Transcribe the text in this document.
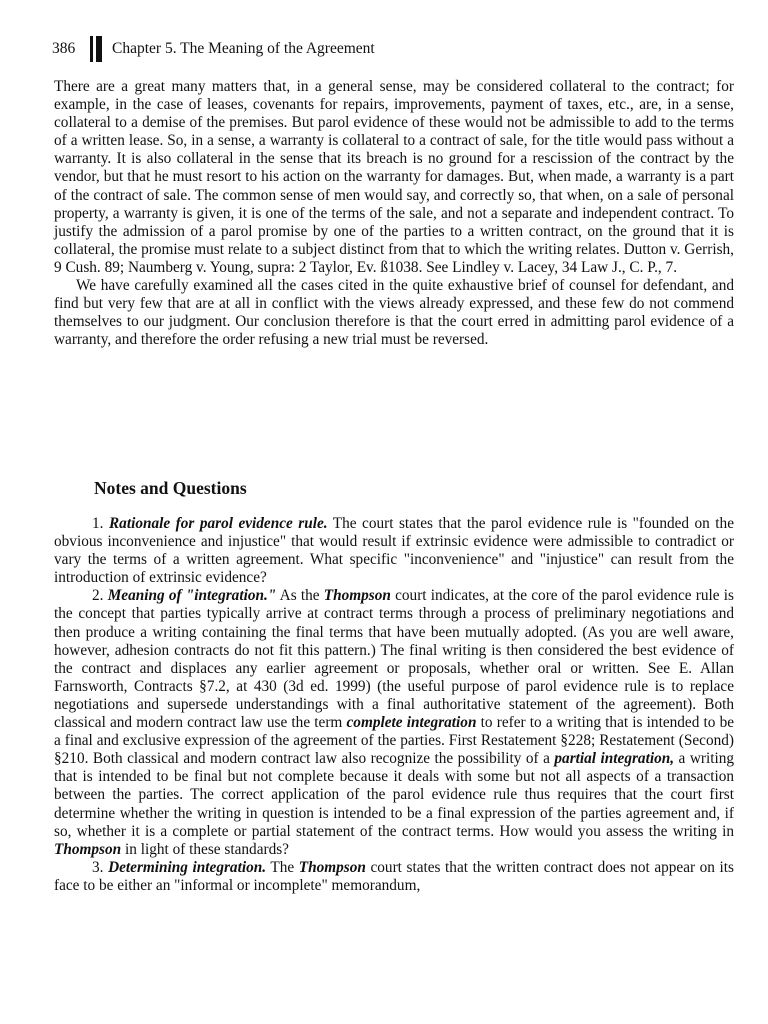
386	Chapter 5. The Meaning of the Agreement

There are a great many matters that, in a general sense, may be considered collateral to the contract; for example, in the case of leases, covenants for repairs, improvements, payment of taxes, etc., are, in a sense, collateral to a demise of the premises. But parol evidence of these would not be admissible to add to the terms of a written lease. So, in a sense, a warranty is collateral to a contract of sale, for the title would pass without a warranty. It is also collateral in the sense that its breach is no ground for a rescission of the contract by the vendor, but that he must resort to his action on the warranty for damages. But, when made, a warranty is a part of the contract of sale. The common sense of men would say, and correctly so, that when, on a sale of personal property, a warranty is given, it is one of the terms of the sale, and not a separate and independent contract. To justify the admission of a parol promise by one of the parties to a written contract, on the ground that it is collateral, the promise must relate to a subject distinct from that to which the writing relates. Dutton v. Gerrish, 9 Cush. 89; Naumberg v. Young, supra: 2 Taylor, Ev. ß1038. See Lindley v. Lacey, 34 Law J., C. P., 7.

We have carefully examined all the cases cited in the quite exhaustive brief of counsel for defendant, and find but very few that are at all in conflict with the views already expressed, and these few do not commend themselves to our judgment. Our conclusion therefore is that the court erred in admitting parol evidence of a warranty, and therefore the order refusing a new trial must be reversed.

Notes and Questions

1. Rationale for parol evidence rule. The court states that the parol evidence rule is "founded on the obvious inconvenience and injustice" that would result if extrinsic evidence were admissible to contradict or vary the terms of a written agreement. What specific "inconvenience" and "injustice" can result from the introduction of extrinsic evidence?

2. Meaning of "integration." As the Thompson court indicates, at the core of the parol evidence rule is the concept that parties typically arrive at contract terms through a process of preliminary negotiations and then produce a writing containing the final terms that have been mutually adopted. (As you are well aware, however, adhesion contracts do not fit this pattern.) The final writing is then considered the best evidence of the contract and displaces any earlier agreement or proposals, whether oral or written. See E. Allan Farnsworth, Contracts §7.2, at 430 (3d ed. 1999) (the useful purpose of parol evidence rule is to replace negotiations and supersede understandings with a final authoritative statement of the agreement). Both classical and modern contract law use the term complete integration to refer to a writing that is intended to be a final and exclusive expression of the agreement of the parties. First Restatement §228; Restatement (Second) §210. Both classical and modern contract law also recognize the possibility of a partial integration, a writing that is intended to be final but not complete because it deals with some but not all aspects of a transaction between the parties. The correct application of the parol evidence rule thus requires that the court first determine whether the writing in question is intended to be a final expression of the parties agreement and, if so, whether it is a complete or partial statement of the contract terms. How would you assess the writing in Thompson in light of these standards?

3. Determining integration. The Thompson court states that the written contract does not appear on its face to be either an "informal or incomplete" memorandum,
